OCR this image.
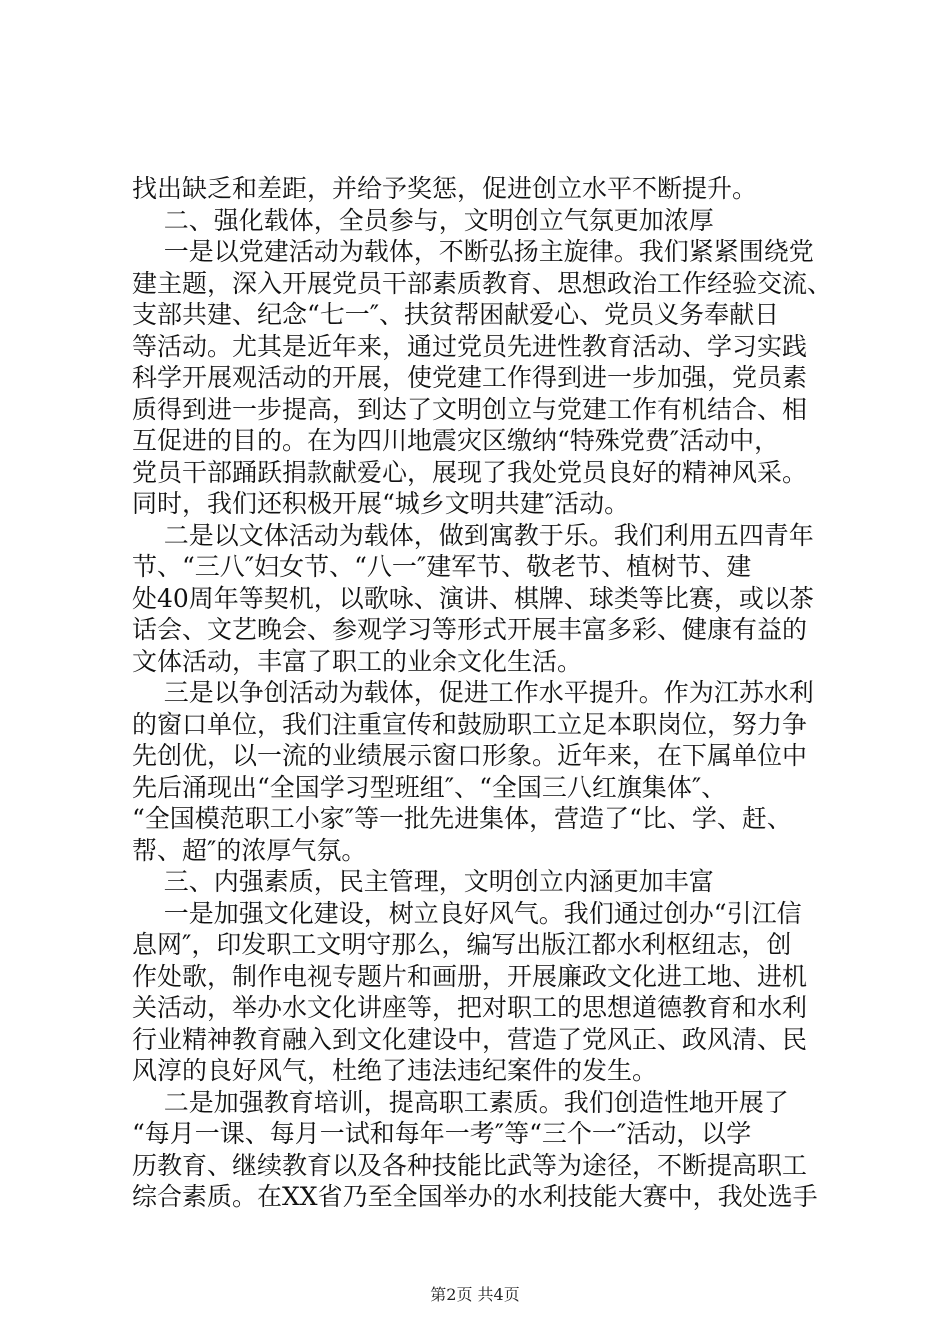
找出缺乏和差距，并给予奖惩，促进创立水平不断提升。
二、强化载体，全员参与，文明创立气氛更加浓厚
一是以党建活动为载体，不断弘扬主旋律。我们紧紧围绕党
建主题，深入开展党员干部素质教育、思想政治工作经验交流、
支部共建、纪念“七一″、扶贫帮困献爱心、党员义务奉献日
等活动。尤其是近年来，通过党员先进性教育活动、学习实践
科学开展观活动的开展，使党建工作得到进一步加强，党员素
质得到进一步提高，到达了文明创立与党建工作有机结合、相
互促进的目的。在为四川地震灾区缴纳“特殊党费″活动中，
党员干部踊跃捐款献爱心，展现了我处党员良好的精神风采。
同时，我们还积极开展“城乡文明共建″活动。
二是以文体活动为载体，做到寓教于乐。我们利用五四青年
节、“三八″妇女节、“八一″建军节、敬老节、植树节、建
处40周年等契机，以歌咏、演讲、棋牌、球类等比赛，或以茶
话会、文艺晚会、参观学习等形式开展丰富多彩、健康有益的
文体活动，丰富了职工的业余文化生活。
三是以争创活动为载体，促进工作水平提升。作为江苏水利
的窗口单位，我们注重宣传和鼓励职工立足本职岗位，努力争
先创优，以一流的业绩展示窗口形象。近年来，在下属单位中
先后涌现出“全国学习型班组″、“全国三八红旗集体″、
“全国模范职工小家″等一批先进集体，营造了“比、学、赶、
帮、超″的浓厚气氛。
三、内强素质，民主管理，文明创立内涵更加丰富
一是加强文化建设，树立良好风气。我们通过创办“引江信
息网″，印发职工文明守那么，编写出版江都水利枢纽志，创
作处歌，制作电视专题片和画册，开展廉政文化进工地、进机
关活动，举办水文化讲座等，把对职工的思想道德教育和水利
行业精神教育融入到文化建设中，营造了党风正、政风清、民
风淳的良好风气，杜绝了违法违纪案件的发生。
二是加强教育培训，提高职工素质。我们创造性地开展了
“每月一课、每月一试和每年一考″等“三个一″活动，以学
历教育、继续教育以及各种技能比武等为途径，不断提高职工
综合素质。在XX省乃至全国举办的水利技能大赛中，我处选手
第2页 共4页
